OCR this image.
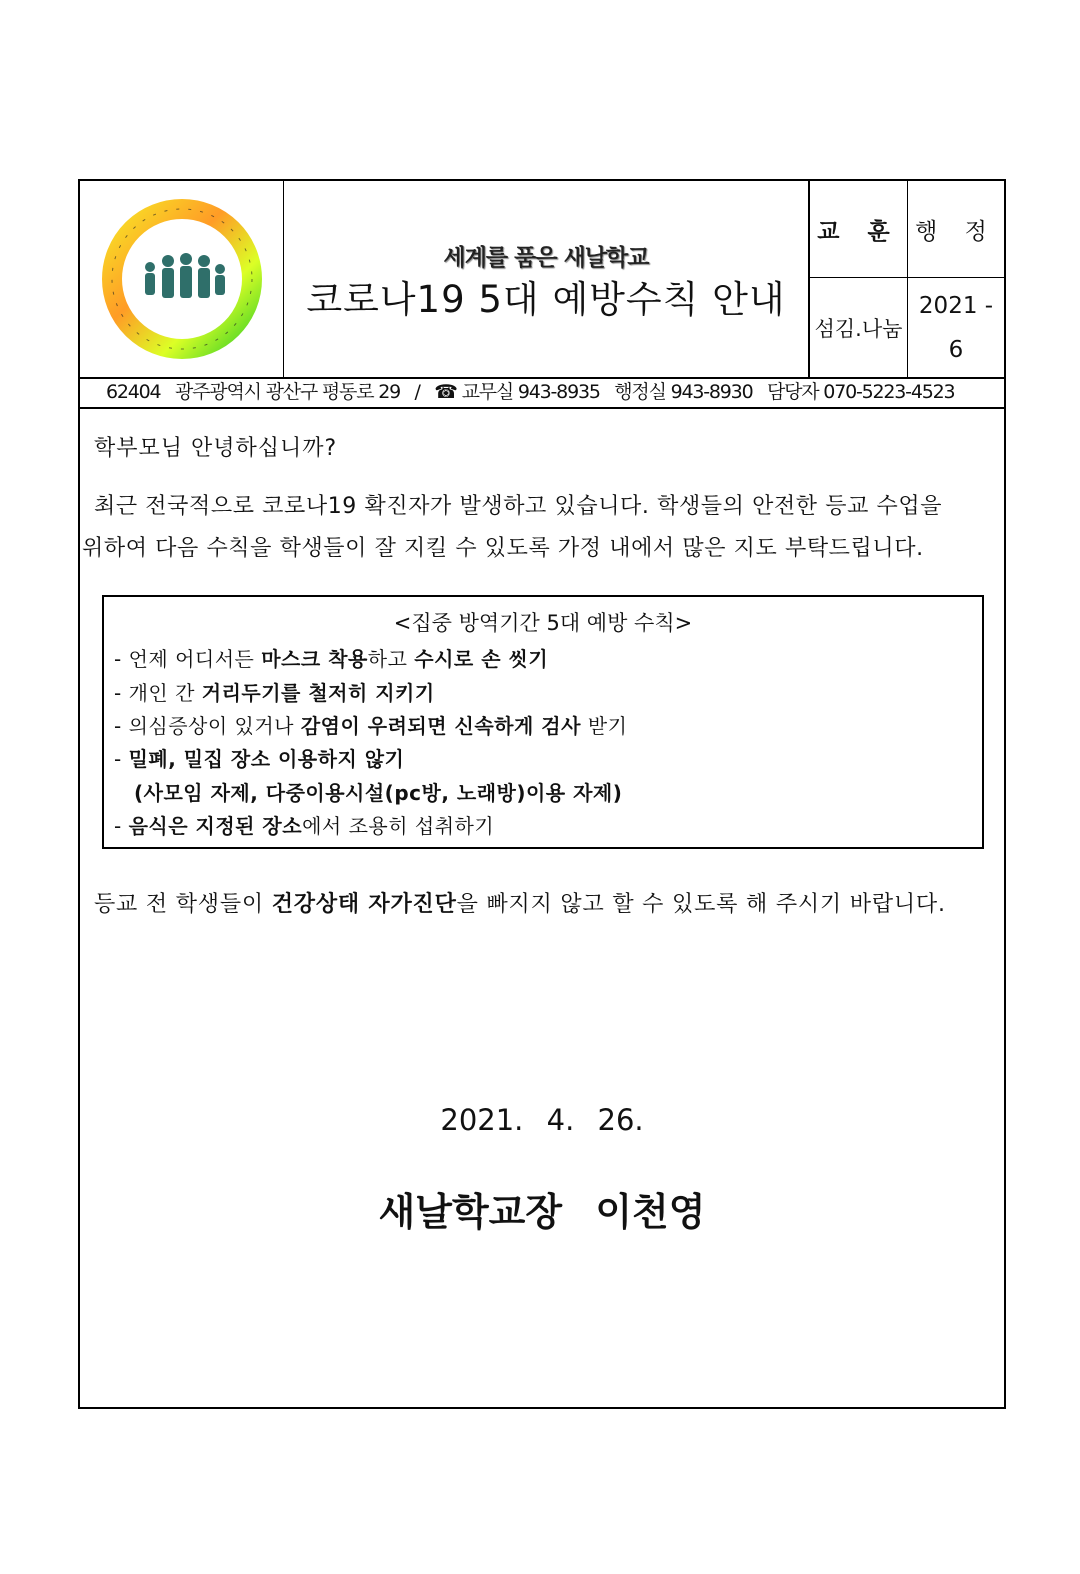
세계를 품은 새날학교
코로나19 5대 예방수칙 안내
교 훈 행 정
섬김.나눔
2021 -
6
62404 광주광역시 광산구 평동로 29 / ☎ 교무실 943-8935 행정실 943-8930 담당자 070-5223-4523
학부모님 안녕하십니까?
최근 전국적으로 코로나19 확진자가 발생하고 있습니다. 학생들의 안전한 등교 수업을
위하여 다음 수칙을 학생들이 잘 지킬 수 있도록 가정 내에서 많은 지도 부탁드립니다.
<집중 방역기간 5대 예방 수칙>
- 언제 어디서든 마스크 착용하고 수시로 손 씻기
- 개인 간 거리두기를 철저히 지키기
- 의심증상이 있거나 감염이 우려되면 신속하게 검사 받기
- 밀폐, 밀집 장소 이용하지 않기
(사모임 자제, 다중이용시설(pc방, 노래방)이용 자제)
- 음식은 지정된 장소에서 조용히 섭취하기
등교 전 학생들이 건강상태 자가진단을 빠지지 않고 할 수 있도록 해 주시기 바랍니다.
2021. 4. 26.
새날학교장 이천영
